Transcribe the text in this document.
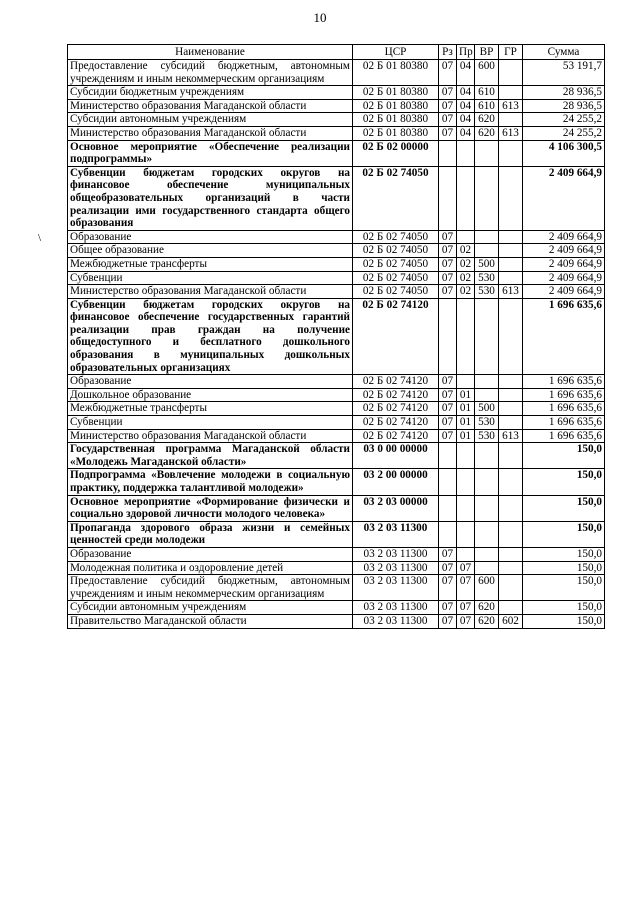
10
\
Наименование	ЦСР	Рз	Пр	ВР	ГР	Сумма
Предоставление субсидий бюджетным, автономным учреждениям и иным некоммерческим организациям	02 Б 01 80380	07	04	600		53 191,7
Субсидии бюджетным учреждениям	02 Б 01 80380	07	04	610		28 936,5
Министерство образования Магаданской области	02 Б 01 80380	07	04	610	613	28 936,5
Субсидии автономным учреждениям	02 Б 01 80380	07	04	620		24 255,2
Министерство образования Магаданской области	02 Б 01 80380	07	04	620	613	24 255,2
Основное мероприятие «Обеспечение реализации подпрограммы»	02 Б 02 00000					4 106 300,5
Субвенции бюджетам городских округов на финансовое обеспечение муниципальных общеобразовательных организаций в части реализации ими государственного стандарта общего образования	02 Б 02 74050					2 409 664,9
Образование	02 Б 02 74050	07				2 409 664,9
Общее образование	02 Б 02 74050	07	02			2 409 664,9
Межбюджетные трансферты	02 Б 02 74050	07	02	500		2 409 664,9
Субвенции	02 Б 02 74050	07	02	530		2 409 664,9
Министерство образования Магаданской области	02 Б 02 74050	07	02	530	613	2 409 664,9
Субвенции бюджетам городских округов на финансовое обеспечение государственных гарантий реализации прав граждан на получение общедоступного и бесплатного дошкольного образования в муниципальных дошкольных образовательных организациях	02 Б 02 74120					1 696 635,6
Образование	02 Б 02 74120	07				1 696 635,6
Дошкольное образование	02 Б 02 74120	07	01			1 696 635,6
Межбюджетные трансферты	02 Б 02 74120	07	01	500		1 696 635,6
Субвенции	02 Б 02 74120	07	01	530		1 696 635,6
Министерство образования Магаданской области	02 Б 02 74120	07	01	530	613	1 696 635,6
Государственная программа Магаданской области «Молодежь Магаданской области»	03 0 00 00000					150,0
Подпрограмма «Вовлечение молодежи в социальную практику, поддержка талантливой молодежи»	03 2 00 00000					150,0
Основное мероприятие «Формирование физически и социально здоровой личности молодого человека»	03 2 03 00000					150,0
Пропаганда здорового образа жизни и семейных ценностей среди молодежи	03 2 03 11300					150,0
Образование	03 2 03 11300	07				150,0
Молодежная политика и оздоровление детей	03 2 03 11300	07	07			150,0
Предоставление субсидий бюджетным, автономным учреждениям и иным некоммерческим организациям	03 2 03 11300	07	07	600		150,0
Субсидии автономным учреждениям	03 2 03 11300	07	07	620		150,0
Правительство Магаданской области	03 2 03 11300	07	07	620	602	150,0
